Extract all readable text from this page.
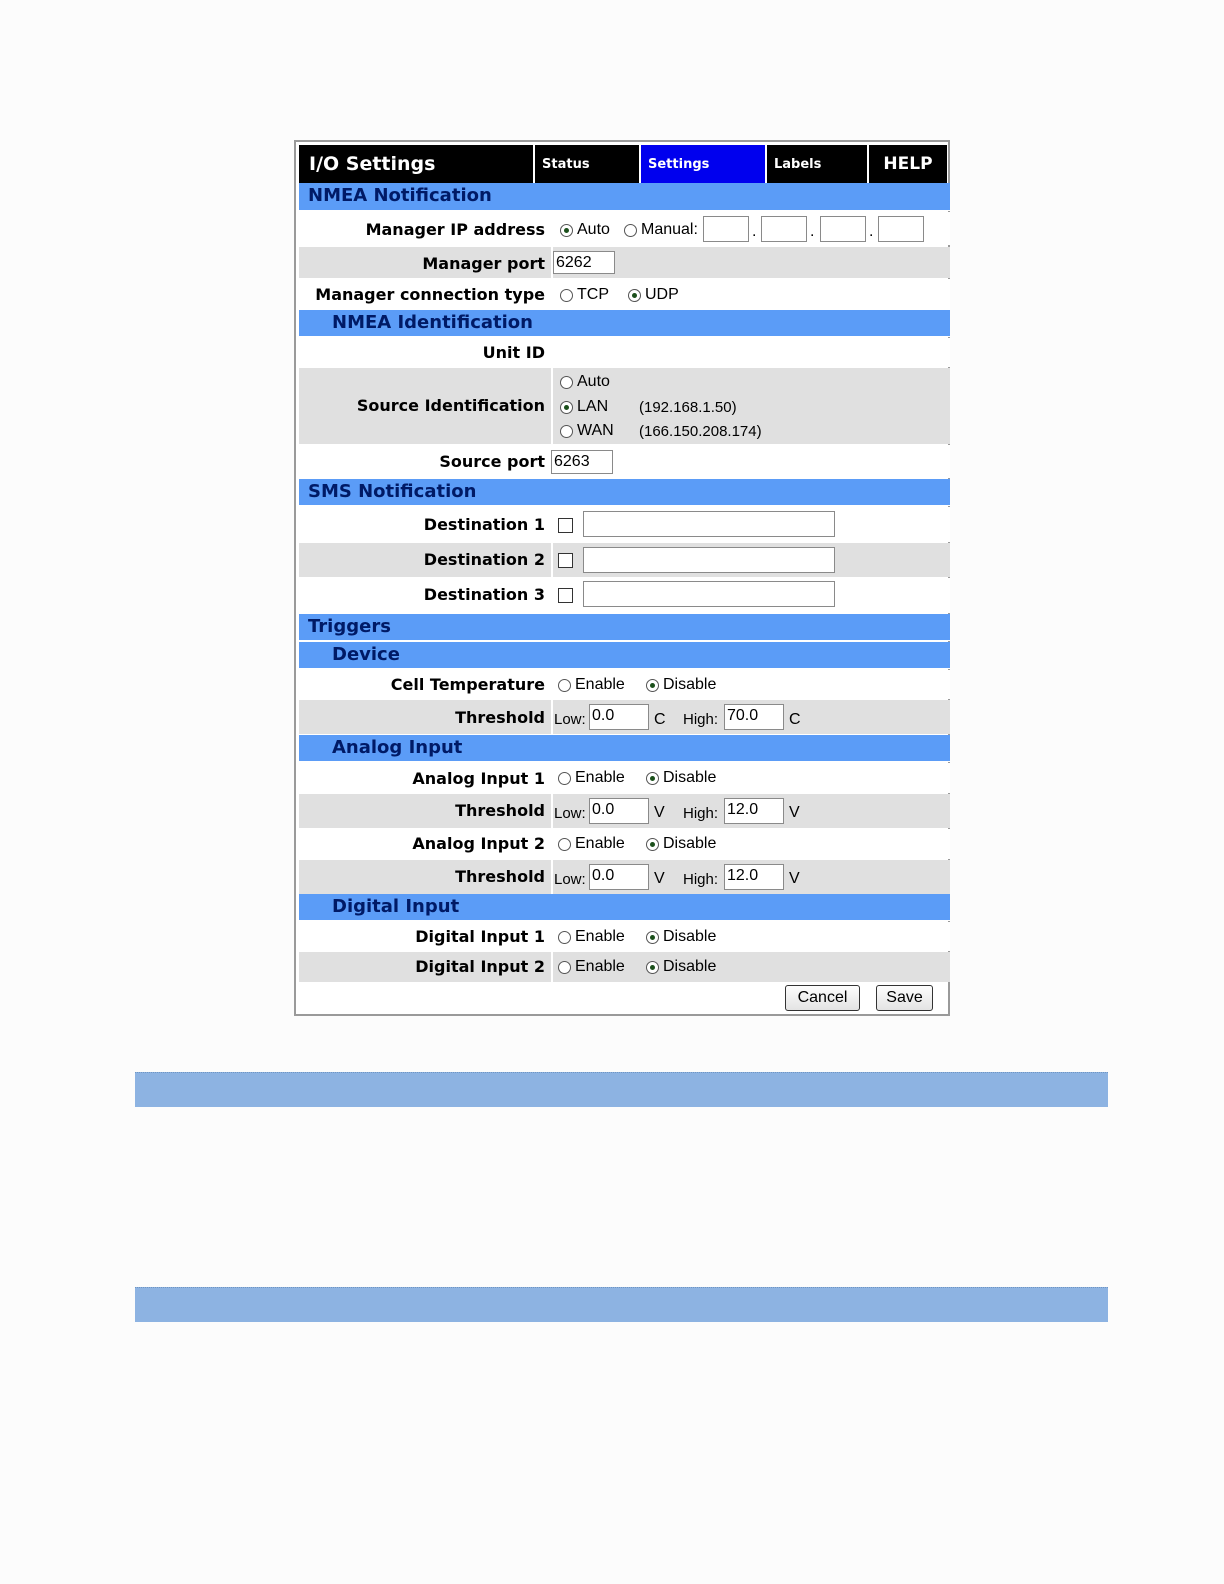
I/O Settings	Status	Settings	Labels	HELP
NMEA Notification
Manager IP address Auto Manual:	.	.	.
Manager port 6262
Manager connection type TCP UDP
NMEA Identification
Unit ID
Source Identification
Auto
LAN (192.168.1.50)
WAN (166.150.208.174)
Source port 6263
SMS Notification
Destination 1
Destination 2
Destination 3
Triggers
Device
Cell Temperature Enable Disable
Threshold Low: 0.0	C High: 70.0	C
Analog Input
Analog Input 1 Enable Disable
Threshold Low: 0.0	V High: 12.0	V
Analog Input 2 Enable Disable
Threshold Low: 0.0	V High: 12.0	V
Digital Input
Digital Input 1 Enable Disable
Digital Input 2 Enable Disable
Cancel	Save
